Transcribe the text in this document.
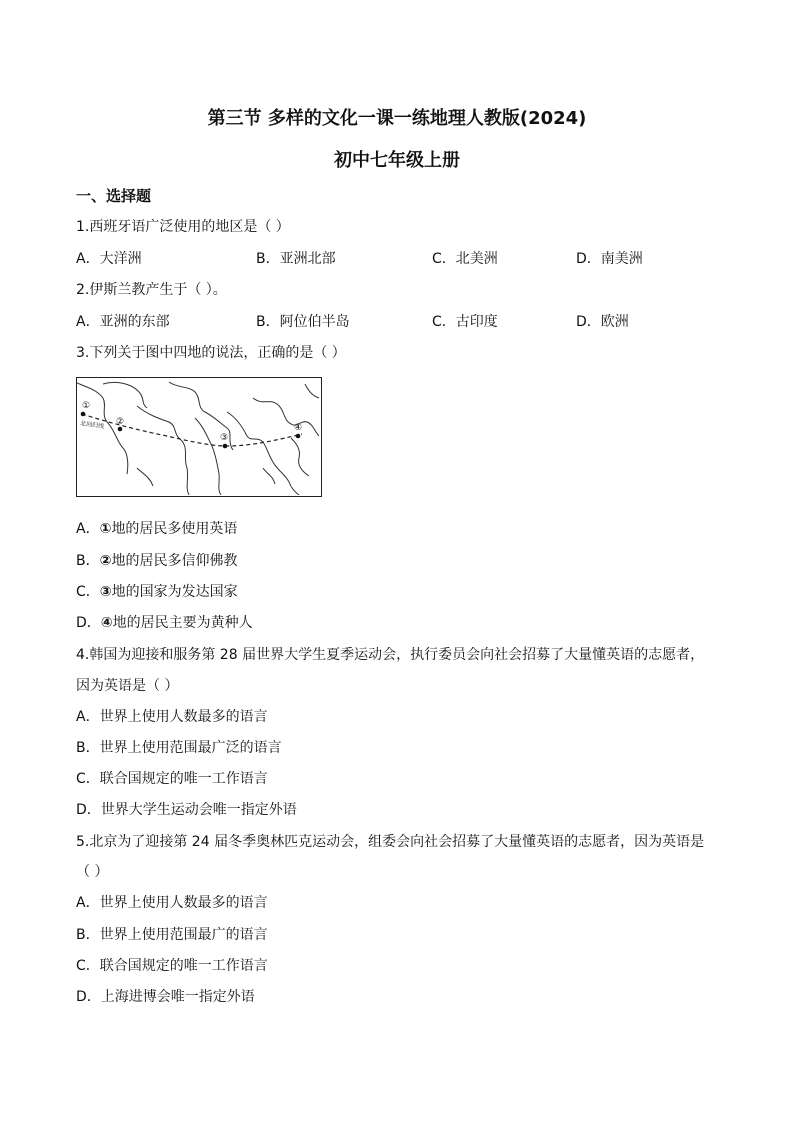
第三节 多样的文化一课一练地理人教版(2024)
初中七年级上册
一、选择题
1.西班牙语广泛使用的地区是（ ）
A．大洋洲	B．亚洲北部	C．北美洲	D．南美洲
2.伊斯兰教产生于（ ）。
A．亚洲的东部	B．阿位伯半岛	C．古印度	D．欧洲
3.下列关于图中四地的说法，正确的是（ ）
①
②
③
④
北回归线
A．①地的居民多使用英语
B．②地的居民多信仰佛教
C．③地的国家为发达国家
D．④地的居民主要为黄种人
4.韩国为迎接和服务第 28 届世界大学生夏季运动会，执行委员会向社会招募了大量懂英语的志愿者，
因为英语是（ ）
A．世界上使用人数最多的语言
B．世界上使用范围最广泛的语言
C．联合国规定的唯一工作语言
D．世界大学生运动会唯一指定外语
5.北京为了迎接第 24 届冬季奥林匹克运动会，组委会向社会招募了大量懂英语的志愿者，因为英语是
（ ）
A．世界上使用人数最多的语言
B．世界上使用范围最广的语言
C．联合国规定的唯一工作语言
D．上海进博会唯一指定外语
